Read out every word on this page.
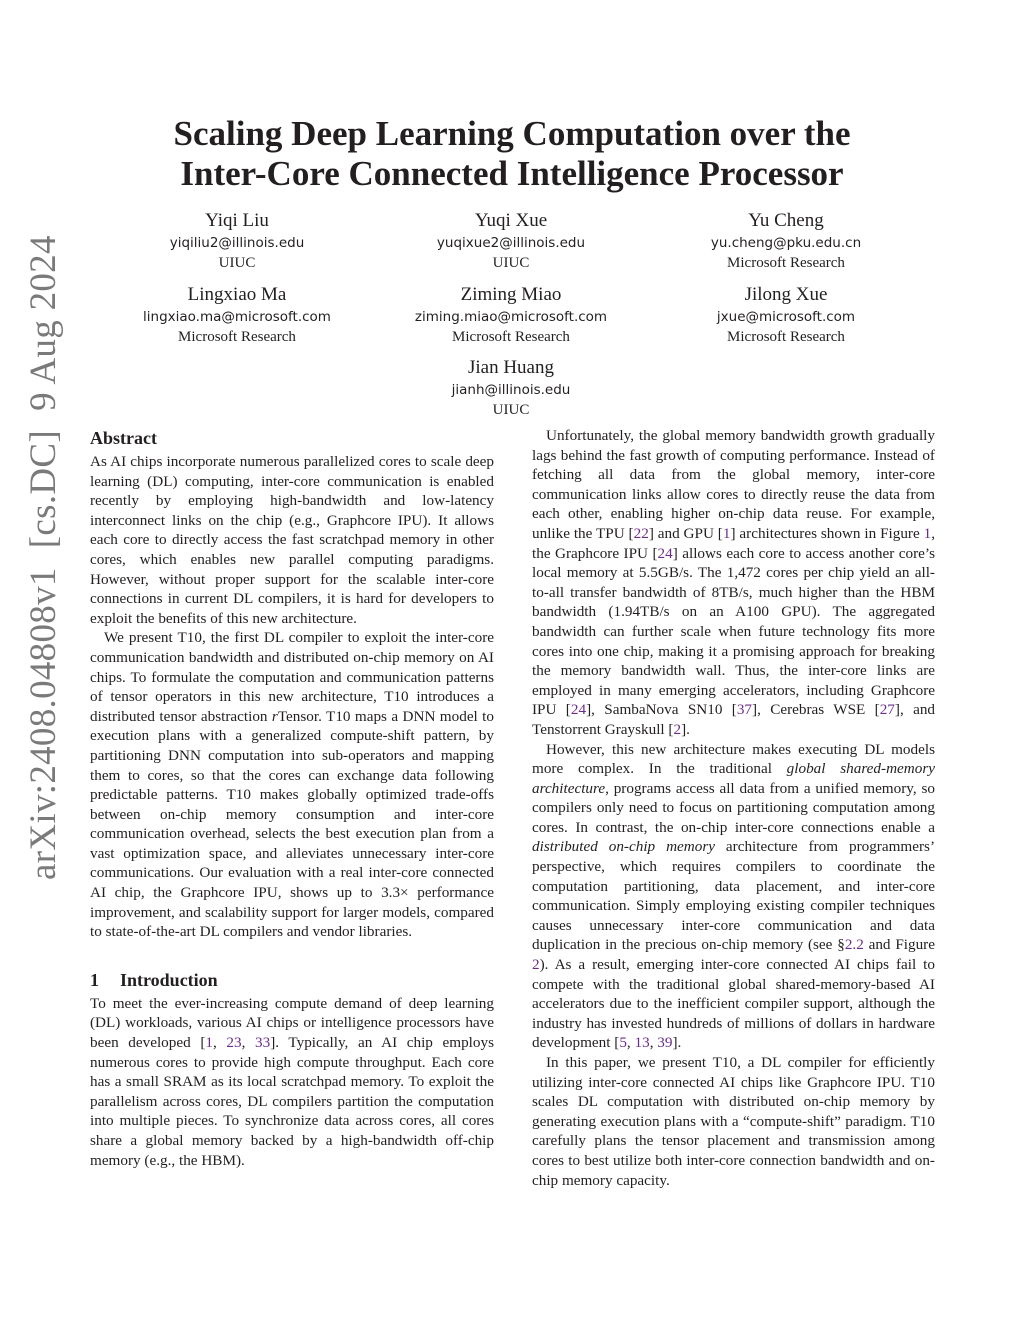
arXiv:2408.04808v1  [cs.DC]  9 Aug 2024
Scaling Deep Learning Computation over the
Inter-Core Connected Intelligence Processor
Yiqi Liu
yiqiliu2@illinois.edu
UIUC
Yuqi Xue
yuqixue2@illinois.edu
UIUC
Yu Cheng
yu.cheng@pku.edu.cn
Microsoft Research
Lingxiao Ma
lingxiao.ma@microsoft.com
Microsoft Research
Ziming Miao
ziming.miao@microsoft.com
Microsoft Research
Jilong Xue
jxue@microsoft.com
Microsoft Research
Jian Huang
jianh@illinois.edu
UIUC
Abstract

As AI chips incorporate numerous parallelized cores to scale deep learning (DL) computing, inter-core communication is enabled recently by employing high-bandwidth and low-latency interconnect links on the chip (e.g., Graphcore IPU). It allows each core to directly access the fast scratchpad memory in other cores, which enables new parallel computing paradigms. However, without proper support for the scalable inter-core connections in current DL compilers, it is hard for developers to exploit the benefits of this new architecture.

We present T10, the first DL compiler to exploit the inter-core communication bandwidth and distributed on-chip memory on AI chips. To formulate the computation and communication patterns of tensor operators in this new architecture, T10 introduces a distributed tensor abstraction rTensor. T10 maps a DNN model to execution plans with a generalized compute-shift pattern, by partitioning DNN computation into sub-operators and mapping them to cores, so that the cores can exchange data following predictable patterns. T10 makes globally optimized trade-offs between on-chip memory consumption and inter-core communication overhead, selects the best execution plan from a vast optimization space, and alleviates unnecessary inter-core communications. Our evaluation with a real inter-core connected AI chip, the Graphcore IPU, shows up to 3.3× performance improvement, and scalability support for larger models, compared to state-of-the-art DL compilers and vendor libraries.

1 Introduction

To meet the ever-increasing compute demand of deep learning (DL) workloads, various AI chips or intelligence processors have been developed [1, 23, 33]. Typically, an AI chip employs numerous cores to provide high compute throughput. Each core has a small SRAM as its local scratchpad memory. To exploit the parallelism across cores, DL compilers partition the computation into multiple pieces. To synchronize data across cores, all cores share a global memory backed by a high-bandwidth off-chip memory (e.g., the HBM).

Unfortunately, the global memory bandwidth growth gradually lags behind the fast growth of computing performance. Instead of fetching all data from the global memory, inter-core communication links allow cores to directly reuse the data from each other, enabling higher on-chip data reuse. For example, unlike the TPU [22] and GPU [1] architectures shown in Figure 1, the Graphcore IPU [24] allows each core to access another core’s local memory at 5.5GB/s. The 1,472 cores per chip yield an all-to-all transfer bandwidth of 8TB/s, much higher than the HBM bandwidth (1.94TB/s on an A100 GPU). The aggregated bandwidth can further scale when future technology fits more cores into one chip, making it a promising approach for breaking the memory bandwidth wall. Thus, the inter-core links are employed in many emerging accelerators, including Graphcore IPU [24], SambaNova SN10 [37], Cerebras WSE [27], and Tenstorrent Grayskull [2].

However, this new architecture makes executing DL models more complex. In the traditional global shared-memory architecture, programs access all data from a unified memory, so compilers only need to focus on partitioning computation among cores. In contrast, the on-chip inter-core connections enable a distributed on-chip memory architecture from programmers’ perspective, which requires compilers to coordinate the computation partitioning, data placement, and inter-core communication. Simply employing existing compiler techniques causes unnecessary inter-core communication and data duplication in the precious on-chip memory (see §2.2 and Figure 2). As a result, emerging inter-core connected AI chips fail to compete with the traditional global shared-memory-based AI accelerators due to the inefficient compiler support, although the industry has invested hundreds of millions of dollars in hardware development [5, 13, 39].

In this paper, we present T10, a DL compiler for efficiently utilizing inter-core connected AI chips like Graphcore IPU. T10 scales DL computation with distributed on-chip memory by generating execution plans with a “compute-shift” paradigm. T10 carefully plans the tensor placement and transmission among cores to best utilize both inter-core connection bandwidth and on-chip memory capacity.
